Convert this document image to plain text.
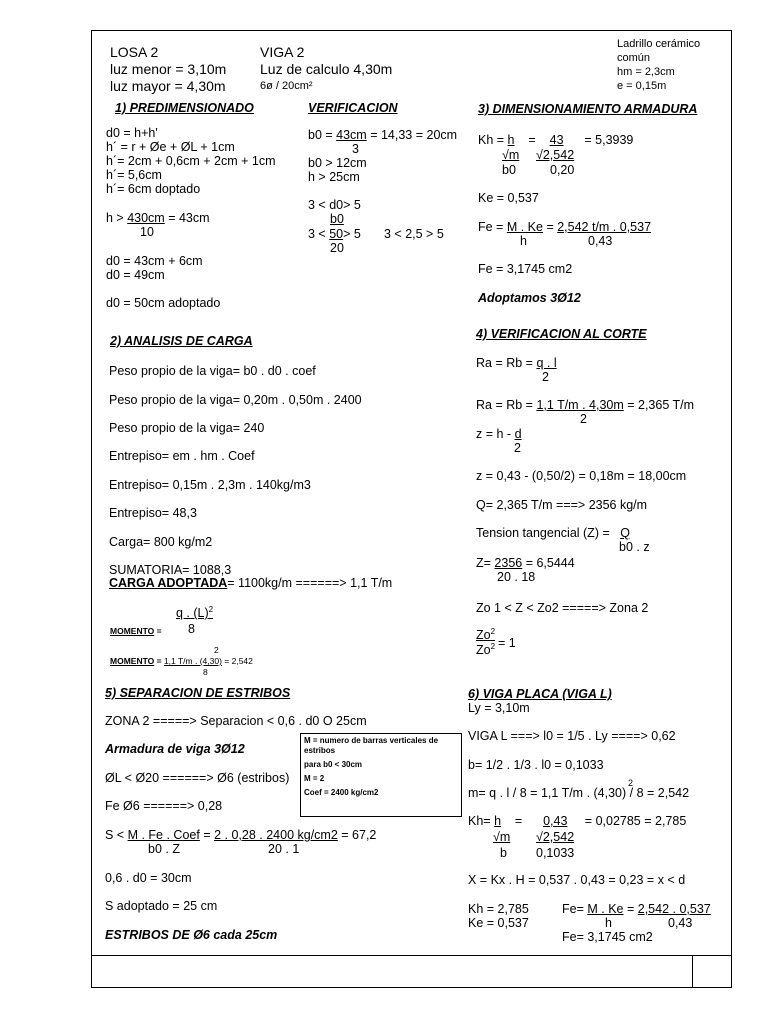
LOSA 2
luz menor = 3,10m
luz mayor = 4,30m
VIGA 2
Luz de calculo 4,30m
6ø / 20cm²
Ladrillo cerámico
común
hm = 2,3cm
e = 0,15m
1) PREDIMENSIONADO
d0 = h+h'
h´ = r + Øe + ØL + 1cm
h´= 2cm + 0,6cm + 2cm + 1cm
h´= 5,6cm
h´= 6cm doptado
h > 430cm = 43cm
10
d0 = 43cm + 6cm
d0 = 49cm
d0 = 50cm adoptado
VERIFICACION
b0 = 43cm = 14,33 = 20cm
3
b0 > 12cm
h > 25cm
3 < d0> 5
b0
3 < 50> 5
20
3 < 2,5 > 5
2) ANALISIS DE CARGA
Peso propio de la viga= b0 . d0 . coef
Peso propio de la viga= 0,20m . 0,50m . 2400
Peso propio de la viga= 240
Entrepiso= em . hm . Coef
Entrepiso= 0,15m . 2,3m . 140kg/m3
Entrepiso= 48,3
Carga= 800 kg/m2
SUMATORIA= 1088,3
CARGA ADOPTADA= 1100kg/m ======> 1,1 T/m
q . $(L)^2$
MOMENTO = 8
2
MOMENTO = 1,1 T/m . (4,30) = 2,542
8
3) DIMENSIONAMIENTO ARMADURA
Kh = h = 43 = 5,3939
√m √2,542
b0	0,20
Ke = 0,537
Fe = M . Ke = 2,542 t/m . 0,537
h	0,43
Fe = 3,1745 cm2
Adoptamos 3Ø12
4) VERIFICACION AL CORTE
Ra = Rb = q . l
2
Ra = Rb = 1,1 T/m . 4,30m = 2,365 T/m
2
z = h - d
2
z = 0,43 - (0,50/2) = 0,18m = 18,00cm
Q= 2,365 T/m ===> 2356 kg/m
Tension tangencial (Z) =   Q
b0 . z
Z= 2356 = 6,5444
20 . 18
Zo 1 < Z < Zo2 =====> Zona 2
$Zo^2$
= 1
Zo$^2$
5) SEPARACION DE ESTRIBOS
ZONA 2 =====> Separacion < 0,6 . d0 O 25cm
Armadura de viga 3Ø12
ØL < Ø20 ======> Ø6 (estribos)
Fe Ø6 ======> 0,28
S < M . Fe . Coef = 2 . 0,28 . 2400 kg/cm2 = 67,2
b0 . Z	20 . 1
0,6 . d0 = 30cm
S adoptado = 25 cm
ESTRIBOS DE Ø6 cada 25cm
M = numero de barras verticales de estribos
para b0 < 30cm
M = 2
Coef = 2400 kg/cm2
6) VIGA PLACA (VIGA L)
Ly = 3,10m
VIGA L ===> l0 = 1/5 . Ly ====> 0,62
b= 1/2 . 1/3 . l0 = 0,1033
2
m= q . l / 8 = 1,1 T/m . (4,30) / 8 = 2,542
Kh= h = 0,43 = 0,02785 = 2,785
√m √2,542
b 0,1033
X = Kx . H = 0,537 . 0,43 = 0,23 = x < d
Kh = 2,785
Ke = 0,537
Fe= M . Ke = 2,542 . 0,537
h	0,43
Fe= 3,1745 cm2
